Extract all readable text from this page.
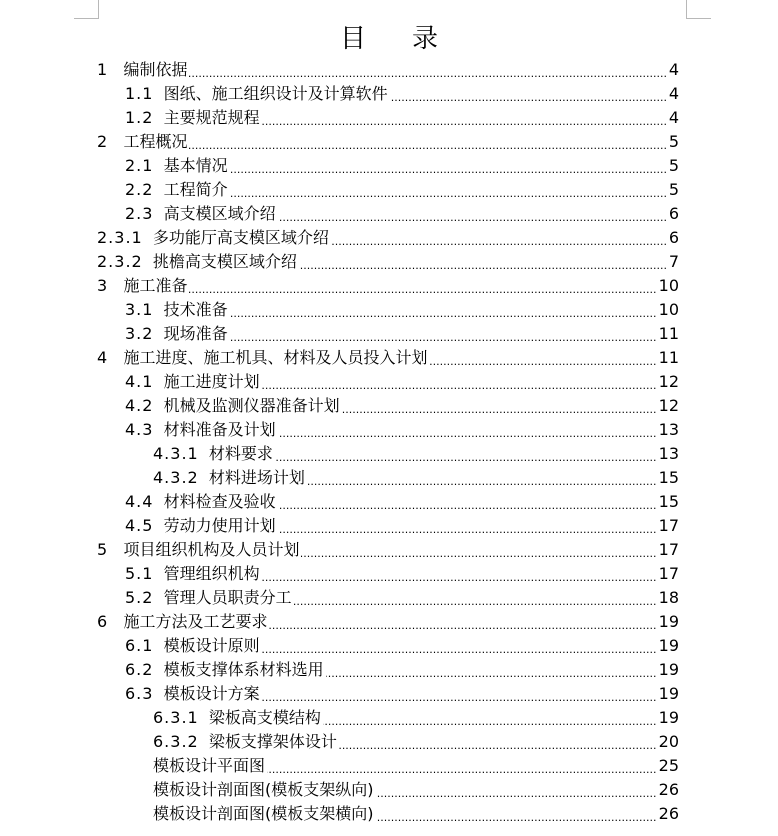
目录
.....
1 编制依据	4
.....
1.1 图纸、施工组织设计及计算软件	4
.....
1.2 主要规范规程	4
.....
2 工程概况	5
.....
2.1 基本情况	5
.....
2.2 工程简介	5
.....
2.3 高支模区域介绍	6
.....
2.3.1 多功能厅高支模区域介绍	6
.....
2.3.2 挑檐高支模区域介绍	7
.....
3 施工准备	10
.....
3.1 技术准备	10
.....
3.2 现场准备	11
.....
4 施工进度、施工机具、材料及人员投入计划	11
.....
4.1 施工进度计划	12
.....
4.2 机械及监测仪器准备计划	12
.....
4.3 材料准备及计划	13
.....
4.3.1 材料要求	13
.....
4.3.2 材料进场计划	15
.....
4.4 材料检查及验收	15
.....
4.5 劳动力使用计划	17
.....
5 项目组织机构及人员计划	17
.....
5.1 管理组织机构	17
.....
5.2 管理人员职责分工	18
.....
6 施工方法及工艺要求	19
.....
6.1 模板设计原则	19
.....
6.2 模板支撑体系材料选用	19
.....
6.3 模板设计方案	19
.....
6.3.1 梁板高支模结构	19
.....
6.3.2 梁板支撑架体设计	20
.....
模板设计平面图	25
.....
模板设计剖面图(模板支架纵向)	26
.....
模板设计剖面图(模板支架横向)	26
